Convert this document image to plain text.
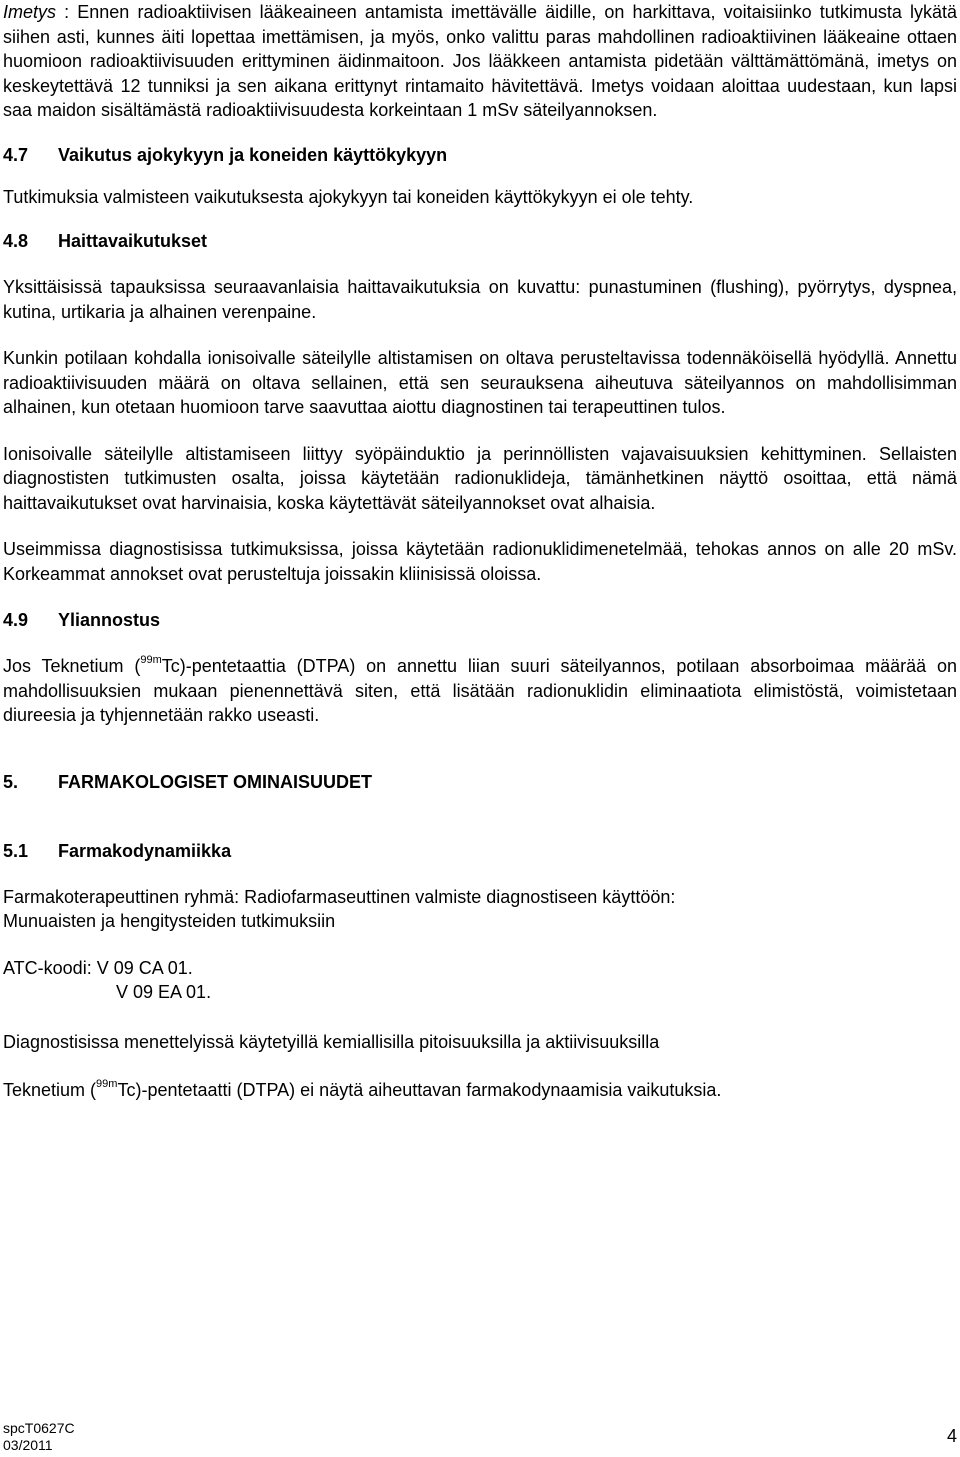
Imetys : Ennen radioaktiivisen lääkeaineen antamista imettävälle äidille, on harkittava, voitaisiinko tutkimusta lykätä siihen asti, kunnes äiti lopettaa imettämisen, ja myös, onko valittu paras mahdollinen radioaktiivinen lääkeaine ottaen huomioon radioaktiivisuuden erittyminen äidinmaitoon. Jos lääkkeen antamista pidetään välttämättömänä, imetys on keskeytettävä 12 tunniksi ja sen aikana erittynyt rintamaito hävitettävä. Imetys voidaan aloittaa uudestaan, kun lapsi saa maidon sisältämästä radioaktiivisuudesta korkeintaan 1 mSv säteilyannoksen.

4.7 Vaikutus ajokykyyn ja koneiden käyttökykyyn

Tutkimuksia valmisteen vaikutuksesta ajokykyyn tai koneiden käyttökykyyn ei ole tehty.

4.8 Haittavaikutukset

Yksittäisissä tapauksissa seuraavanlaisia haittavaikutuksia on kuvattu: punastuminen (flushing), pyörrytys, dyspnea, kutina, urtikaria ja alhainen verenpaine.

Kunkin potilaan kohdalla ionisoivalle säteilylle altistamisen on oltava perusteltavissa todennäköisellä hyödyllä. Annettu radioaktiivisuuden määrä on oltava sellainen, että sen seurauksena aiheutuva säteilyannos on mahdollisimman alhainen, kun otetaan huomioon tarve saavuttaa aiottu diagnostinen tai terapeuttinen tulos.

Ionisoivalle säteilylle altistamiseen liittyy syöpäinduktio ja perinnöllisten vajavaisuuksien kehittyminen. Sellaisten diagnostisten tutkimusten osalta, joissa käytetään radionuklideja, tämänhetkinen näyttö osoittaa, että nämä haittavaikutukset ovat harvinaisia, koska käytettävät säteilyannokset ovat alhaisia.

Useimmissa diagnostisissa tutkimuksissa, joissa käytetään radionuklidimenetelmää, tehokas annos on alle 20 mSv. Korkeammat annokset ovat perusteltuja joissakin kliinisissä oloissa.

4.9 Yliannostus

Jos Teknetium ($^{99m}$Tc)-pentetaattia (DTPA) on annettu liian suuri säteilyannos, potilaan absorboimaa määrää on mahdollisuuksien mukaan pienennettävä siten, että lisätään radionuklidin eliminaatiota elimistöstä, voimistetaan diureesia ja tyhjennetään rakko useasti.

5. FARMAKOLOGISET OMINAISUUDET
5.1 Farmakodynamiikka

Farmakoterapeuttinen ryhmä: Radiofarmaseuttinen valmiste diagnostiseen käyttöön:
Munuaisten ja hengitysteiden tutkimuksiin

ATC-koodi: V 09 CA 01.
V 09 EA 01.

Diagnostisissa menettelyissä käytetyillä kemiallisilla pitoisuuksilla ja aktiivisuuksilla

Teknetium ($^{99m}$Tc)-pentetaatti (DTPA) ei näytä aiheuttavan farmakodynaamisia vaikutuksia.

spcT0627C
03/2011	4
